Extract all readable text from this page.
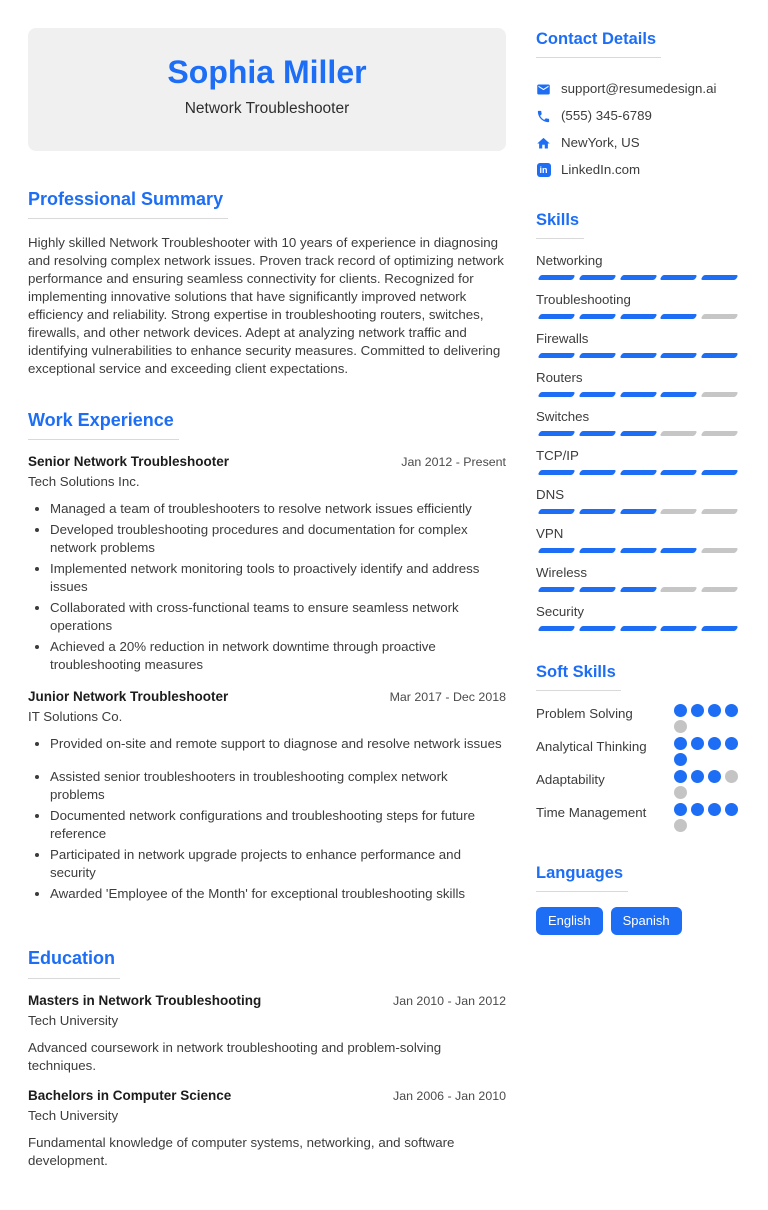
Sophia Miller
Network Troubleshooter
Professional Summary

Highly skilled Network Troubleshooter with 10 years of experience in diagnosing and resolving complex network issues. Proven track record of optimizing network performance and ensuring seamless connectivity for clients. Recognized for implementing innovative solutions that have significantly improved network efficiency and reliability. Strong expertise in troubleshooting routers, switches, firewalls, and other network devices. Adept at analyzing network traffic and identifying vulnerabilities to enhance security measures. Committed to delivering exceptional service and exceeding client expectations.

Work Experience
Senior Network Troubleshooter	Jan 2012 - Present
Tech Solutions Inc.
• Managed a team of troubleshooters to resolve network issues efficiently
• Developed troubleshooting procedures and documentation for complex network problems
• Implemented network monitoring tools to proactively identify and address issues
• Collaborated with cross-functional teams to ensure seamless network operations
• Achieved a 20% reduction in network downtime through proactive troubleshooting measures
Junior Network Troubleshooter	Mar 2017 - Dec 2018
IT Solutions Co.
• Provided on-site and remote support to diagnose and resolve network issues
• Assisted senior troubleshooters in troubleshooting complex network problems
• Documented network configurations and troubleshooting steps for future reference
• Participated in network upgrade projects to enhance performance and security
• Awarded 'Employee of the Month' for exceptional troubleshooting skills
Education
Masters in Network Troubleshooting	Jan 2010 - Jan 2012
Tech University
Advanced coursework in network troubleshooting and problem-solving techniques.
Bachelors in Computer Science	Jan 2006 - Jan 2010
Tech University
Fundamental knowledge of computer systems, networking, and software development.
Contact Details
support@resumedesign.ai
(555) 345-6789
NewYork, US
in LinkedIn.com
Skills
Networking
Troubleshooting
Firewalls
Routers
Switches
TCP/IP
DNS
VPN
Wireless
Security
Soft Skills
Problem Solving
Analytical Thinking
Adaptability
Time Management
Languages
English	Spanish
